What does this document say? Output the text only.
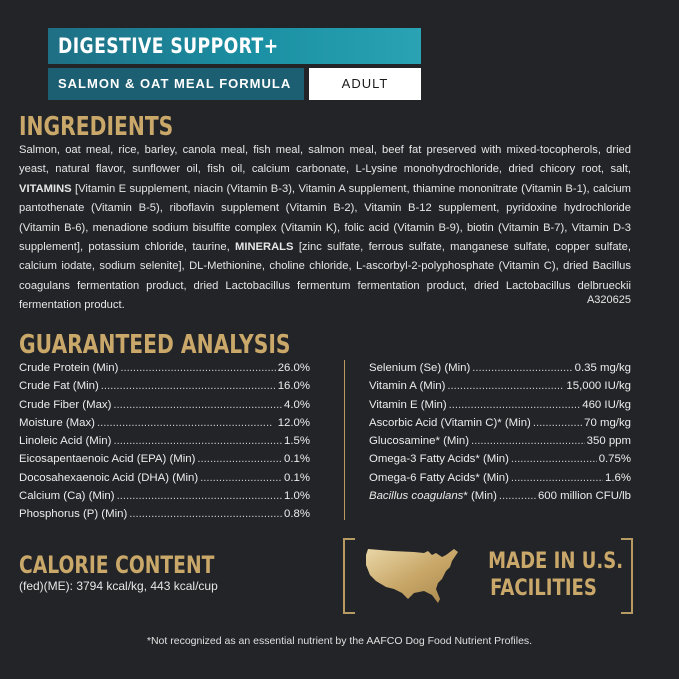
DIGESTIVE SUPPORT+
SALMON & OAT MEAL FORMULA	ADULT
INGREDIENTS
Salmon, oat meal, rice, barley, canola meal, fish meal, salmon meal, beef fat preserved with mixed-tocopherols, dried yeast, natural flavor, sunflower oil, fish oil, calcium carbonate, L-Lysine monohydrochloride, dried chicory root, salt, VITAMINS [Vitamin E supplement, niacin (Vitamin B-3), Vitamin A supplement, thiamine mononitrate (Vitamin B-1), calcium pantothenate (Vitamin B-5), riboflavin supplement (Vitamin B-2), Vitamin B-12 supplement, pyridoxine hydrochloride (Vitamin B-6), menadione sodium bisulfite complex (Vitamin K), folic acid (Vitamin B-9), biotin (Vitamin B-7), Vitamin D-3 supplement], potassium chloride, taurine, MINERALS [zinc sulfate, ferrous sulfate, manganese sulfate, copper sulfate, calcium iodate, sodium selenite], DL-Methionine, choline chloride, L-ascorbyl-2-polyphosphate (Vitamin C), dried Bacillus coagulans fermentation product, dried Lactobacillus fermentum fermentation product, dried Lactobacillus delbrueckii fermentation product.	A320625
GUARANTEED ANALYSIS
Crude Protein (Min) . . .	26.0%
Crude Fat (Min) . . .	16.0%
Crude Fiber (Max) . . .	4.0%
Moisture (Max) . . .	12.0%
Linoleic Acid (Min) . . .	1.5%
Eicosapentaenoic Acid (EPA) (Min) . . .	0.1%
Docosahexaenoic Acid (DHA) (Min) . . .	0.1%
Calcium (Ca) (Min) . . .	1.0%
Phosphorus (P) (Min) . . .	0.8%
Selenium (Se) (Min) . . .	0.35 mg/kg
Vitamin A (Min) . . .	15,000 IU/kg
Vitamin E (Min) . . .	460 IU/kg
Ascorbic Acid (Vitamin C)* (Min) . . .	70 mg/kg
Glucosamine* (Min) . . .	350 ppm
Omega-3 Fatty Acids* (Min) . . .	0.75%
Omega-6 Fatty Acids* (Min) . . .	1.6%
Bacillus coagulans* (Min) . . .	600 million CFU/lb
CALORIE CONTENT
(fed)(ME): 3794 kcal/kg, 443 kcal/cup
MADE IN U.S.
FACILITIES
*Not recognized as an essential nutrient by the AAFCO Dog Food Nutrient Profiles.
